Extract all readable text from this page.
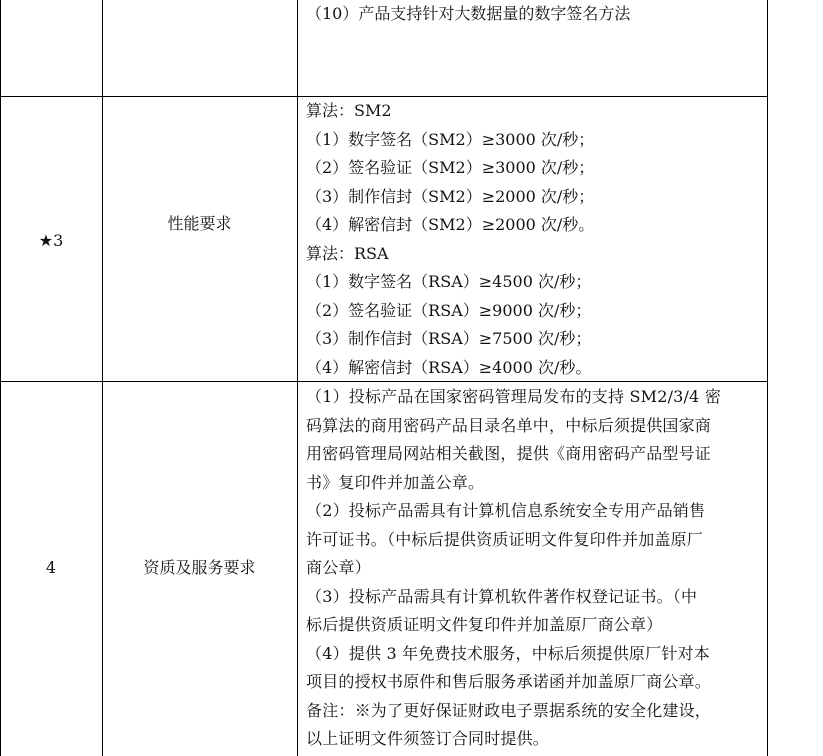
（10）产品支持针对大数据量的数字签名方法
★3
性能要求
算法：SM2
（1）数字签名（SM2）≥3000 次/秒；
（2）签名验证（SM2）≥3000 次/秒；
（3）制作信封（SM2）≥2000 次/秒；
（4）解密信封（SM2）≥2000 次/秒。
算法：RSA
（1）数字签名（RSA）≥4500 次/秒；
（2）签名验证（RSA）≥9000 次/秒；
（3）制作信封（RSA）≥7500 次/秒；
（4）解密信封（RSA）≥4000 次/秒。
4	资质及服务要求
（1）投标产品在国家密码管理局发布的支持 SM2/3/4 密
码算法的商用密码产品目录名单中，中标后须提供国家商
用密码管理局网站相关截图，提供《商用密码产品型号证
书》复印件并加盖公章。
（2）投标产品需具有计算机信息系统安全专用产品销售
许可证书。（中标后提供资质证明文件复印件并加盖原厂
商公章）
（3）投标产品需具有计算机软件著作权登记证书。（中
标后提供资质证明文件复印件并加盖原厂商公章）
（4）提供 3 年免费技术服务，中标后须提供原厂针对本
项目的授权书原件和售后服务承诺函并加盖原厂商公章。
备注：※为了更好保证财政电子票据系统的安全化建设，
以上证明文件须签订合同时提供。
